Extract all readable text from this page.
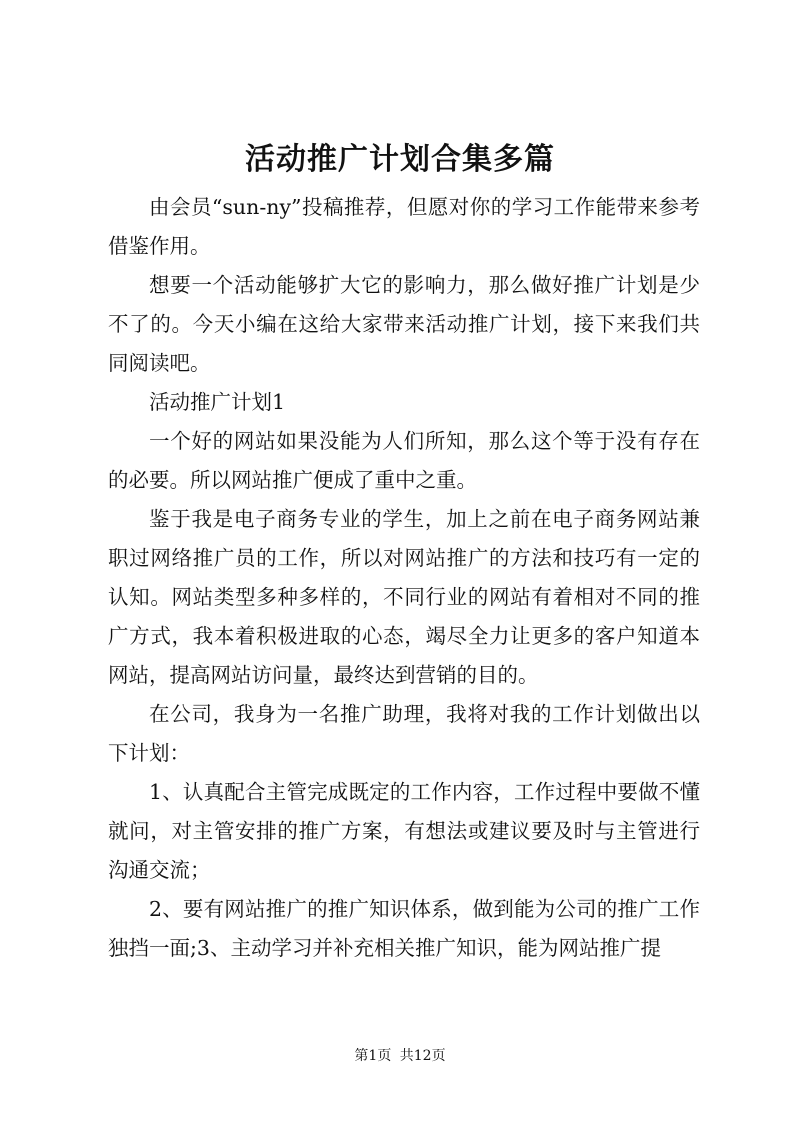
活动推广计划合集多篇

由会员“sun-ny”投稿推荐，但愿对你的学习工作能带来参考借鉴作用。

想要一个活动能够扩大它的影响力，那么做好推广计划是少不了的。今天小编在这给大家带来活动推广计划，接下来我们共同阅读吧。

活动推广计划1

一个好的网站如果没能为人们所知，那么这个等于没有存在的必要。所以网站推广便成了重中之重。

鉴于我是电子商务专业的学生，加上之前在电子商务网站兼职过网络推广员的工作，所以对网站推广的方法和技巧有一定的认知。网站类型多种多样的，不同行业的网站有着相对不同的推广方式，我本着积极进取的心态，竭尽全力让更多的客户知道本网站，提高网站访问量，最终达到营销的目的。

在公司，我身为一名推广助理，我将对我的工作计划做出以下计划：

1、认真配合主管完成既定的工作内容，工作过程中要做不懂就问，对主管安排的推广方案，有想法或建议要及时与主管进行沟通交流；

2、要有网站推广的推广知识体系，做到能为公司的推广工作独挡一面;3、主动学习并补充相关推广知识，能为网站推广提

第1页 共12页
